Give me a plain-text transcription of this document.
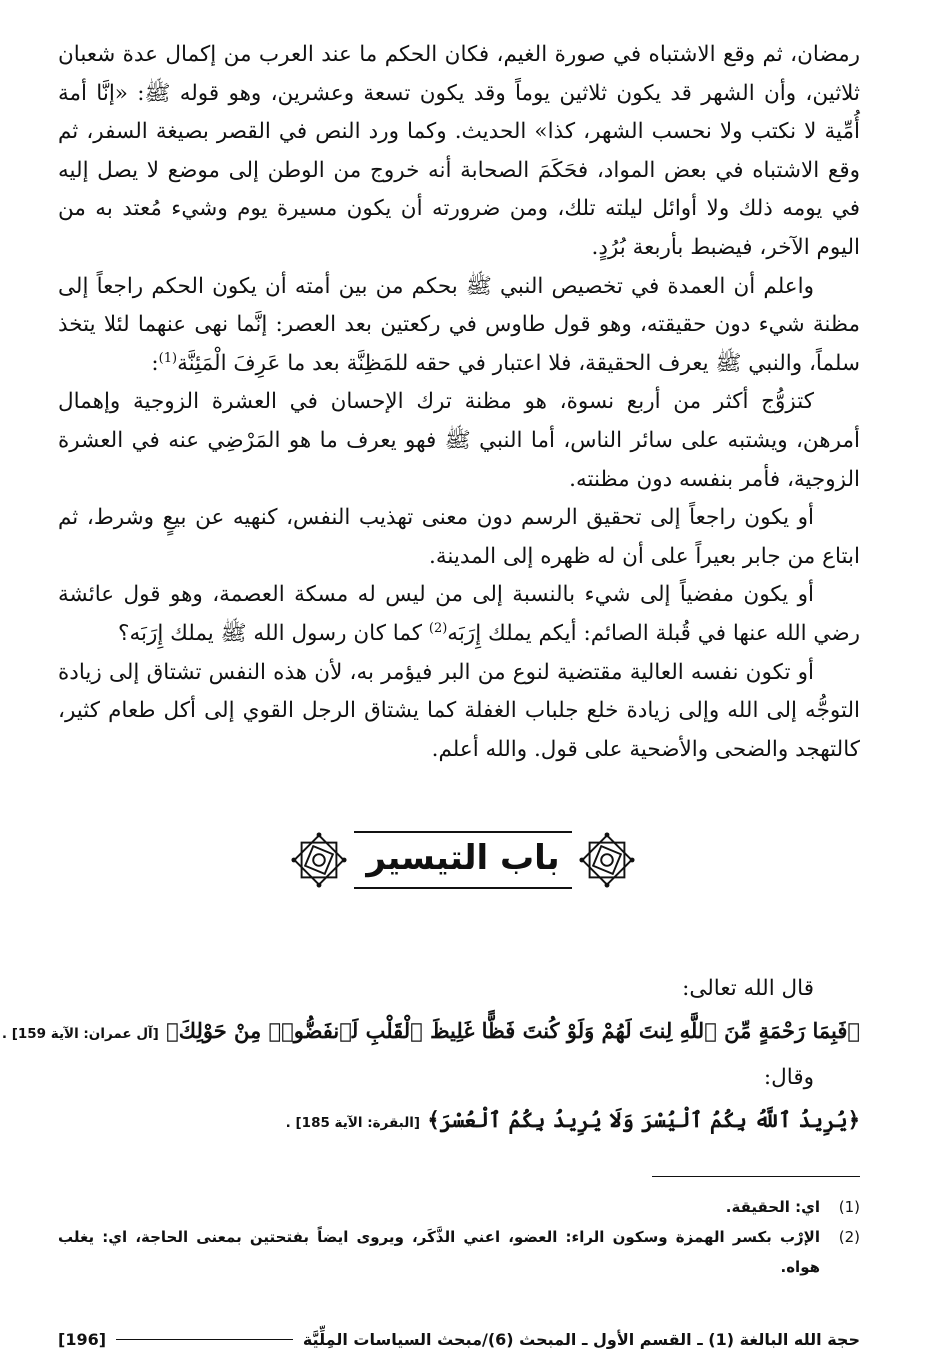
رمضان، ثم وقع الاشتباه في صورة الغيم، فكان الحكم ما عند العرب من إكمال عدة شعبان ثلاثين، وأن الشهر قد يكون ثلاثين يوماً وقد يكون تسعة وعشرين، وهو قوله ﷺ: «إنَّا أمة أُمِّية لا نكتب ولا نحسب الشهر، كذا» الحديث. وكما ورد النص في القصر بصيغة السفر، ثم وقع الاشتباه في بعض المواد، فحَكَمَ الصحابة أنه خروج من الوطن إلى موضع لا يصل إليه في يومه ذلك ولا أوائل ليلته تلك، ومن ضرورته أن يكون مسيرة يوم وشيء مُعتد به من اليوم الآخر، فيضبط بأربعة بُرُدٍ.

واعلم أن العمدة في تخصيص النبي ﷺ بحكم من بين أمته أن يكون الحكم راجعاً إلى مظنة شيء دون حقيقته، وهو قول طاوس في ركعتين بعد العصر: إنَّما نهى عنهما لئلا يتخذ سلماً، والنبي ﷺ يعرف الحقيقة، فلا اعتبار في حقه للمَظِنَّة بعد ما عَرِفَ الْمَئِنَّة$^{(1)}$:

كتزوُّج أكثر من أربع نسوة، هو مظنة ترك الإحسان في العشرة الزوجية وإهمال أمرهن، ويشتبه على سائر الناس، أما النبي ﷺ فهو يعرف ما هو المَرْضِي عنه في العشرة الزوجية، فأمر بنفسه دون مظنته.

أو يكون راجعاً إلى تحقيق الرسم دون معنى تهذيب النفس، كنهيه عن بيعٍ وشرط، ثم ابتاع من جابر بعيراً على أن له ظهره إلى المدينة.

أو يكون مفضياً إلى شيء بالنسبة إلى من ليس له مسكة العصمة، وهو قول عائشة رضي الله عنها في قُبلة الصائم: أيكم يملك إِرَبَه$^{(2)}$ كما كان رسول الله ﷺ يملك إِرَبَه؟

أو تكون نفسه العالية مقتضية لنوع من البر فيؤمر به، لأن هذه النفس تشتاق إلى زيادة التوجُّه إلى الله وإلى زيادة خلع جلباب الغفلة كما يشتاق الرجل القوي إلى أكل طعام كثير، كالتهجد والضحى والأضحية على قول. والله أعلم.

باب التيسير

قال الله تعالى:

﴿فَبِمَا رَحْمَةٍ مِّنَ ٱللَّهِ لِنتَ لَهُمْ وَلَوْ كُنتَ فَظًّا غَلِيظَ ٱلْقَلْبِ لَٱنفَضُّوا۟ مِنْ حَوْلِكَ﴾ [آل عمران: الآية 159] .

وقال:

﴿يُرِيدُ ٱللَّهُ بِكُمُ ٱلْيُسْرَ وَلَا يُرِيدُ بِكُمُ ٱلْعُسْرَ﴾ [البقرة: الآية 185] .

(1)
اي: الحقيقة.
(2)
الإرْب بكسر الهمزة وسكون الراء: العضو، اعني الذَّكَر، ويروى ايضاً بفتحتين بمعنى الحاجة، اي: يغلب هواه.
حجة الله البالغة (1) ـ القسم الأول ـ المبحث (6)/مبحث السياسات المِلِّيَّة
[196]
